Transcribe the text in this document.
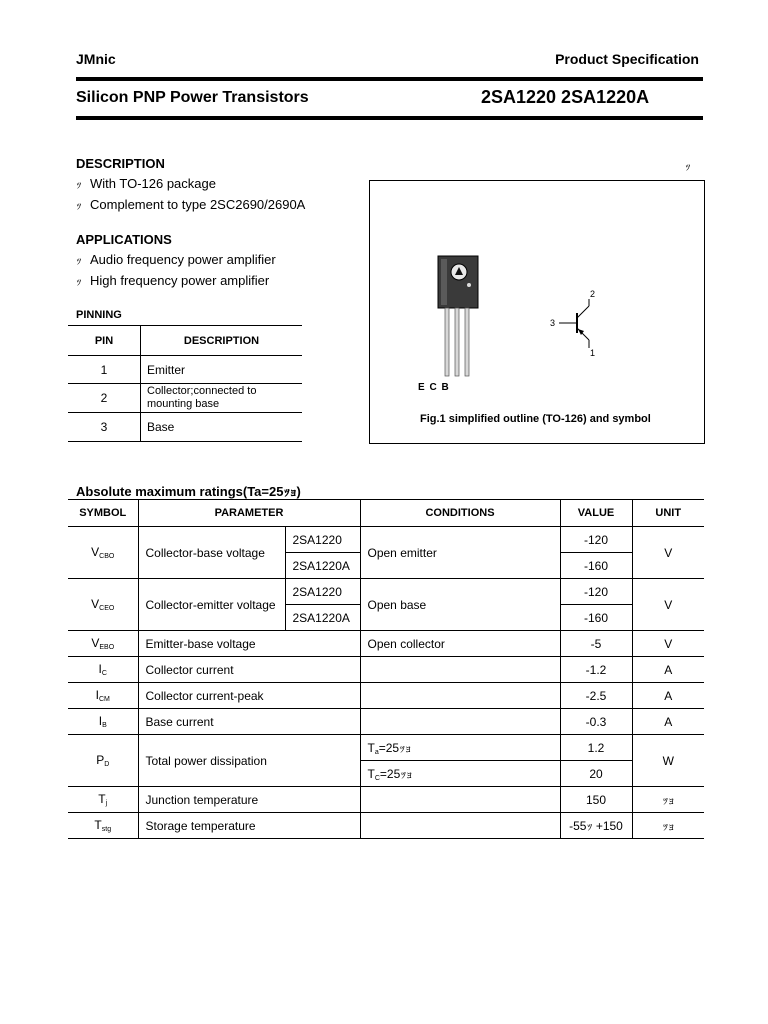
JMnic	Product Specification
Silicon PNP Power Transistors	2SA1220 2SA1220A
DESCRIPTION
ｯ With TO-126 package
ｯ Complement to type 2SC2690/2690A
APPLICATIONS
ｯ Audio frequency power amplifier
ｯ High frequency power amplifier
PINNING
PIN	DESCRIPTION
1	Emitter
2	Collector;connected to mounting base
3	Base
ｯ
E C B
2
3
1
Fig.1 simplified outline (TO-126) and symbol
Absolute maximum ratings(Ta=25ｯｮ)
SYMBOL	PARAMETER		CONDITIONS	VALUE	UNIT
$V_{CBO}$	Collector-base voltage	2SA1220	Open emitter	-120	V
		2SA1220A		-160	
$V_{CEO}$	Collector-emitter voltage	2SA1220	Open base	-120	V
		2SA1220A		-160	
$V_{EBO}$	Emitter-base voltage		Open collector	-5	V
$I_C$	Collector current			-1.2	A
$I_{CM}$	Collector current-peak			-2.5	A
$I_B$	Base current			-0.3	A
$P_D$	Total power dissipation		$T_a=25$ｯｮ	1.2	W
			$T_C=25$ｯｮ	20	
$T_j$	Junction temperature			150	ｯｮ
$T_{stg}$	Storage temperature			-55ｯ +150	ｯｮ
